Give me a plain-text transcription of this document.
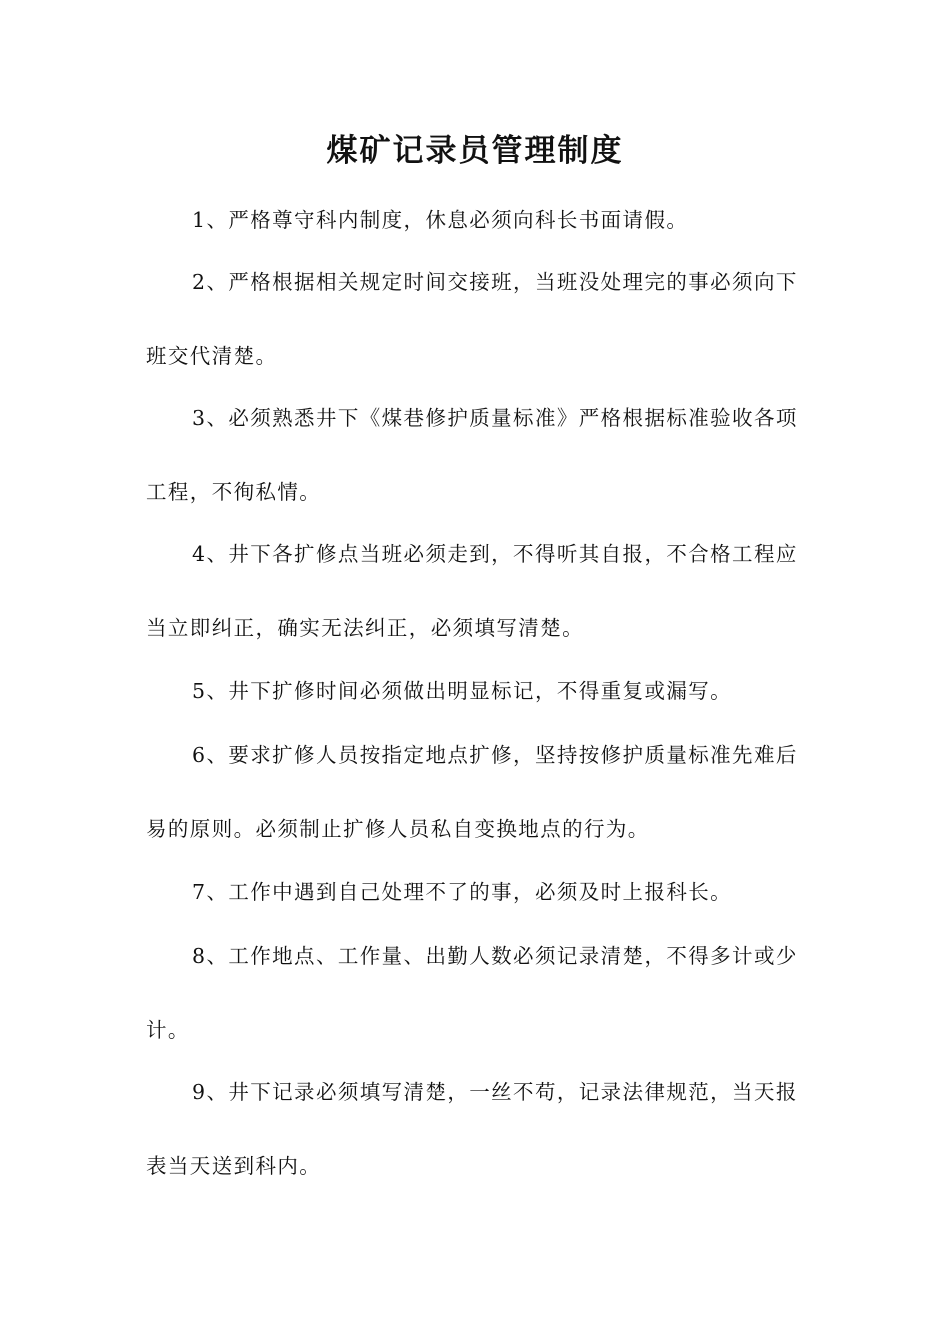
煤矿记录员管理制度
1、严格尊守科内制度，休息必须向科长书面请假。
2、严格根据相关规定时间交接班，当班没处理完的事必须向下
班交代清楚。
3、必须熟悉井下《煤巷修护质量标准》严格根据标准验收各项
工程，不徇私情。
4、井下各扩修点当班必须走到，不得听其自报，不合格工程应
当立即纠正，确实无法纠正，必须填写清楚。
5、井下扩修时间必须做出明显标记，不得重复或漏写。
6、要求扩修人员按指定地点扩修，坚持按修护质量标准先难后
易的原则。必须制止扩修人员私自变换地点的行为。
7、工作中遇到自己处理不了的事，必须及时上报科长。
8、工作地点、工作量、出勤人数必须记录清楚，不得多计或少
计。
9、井下记录必须填写清楚，一丝不苟，记录法律规范，当天报
表当天送到科内。
